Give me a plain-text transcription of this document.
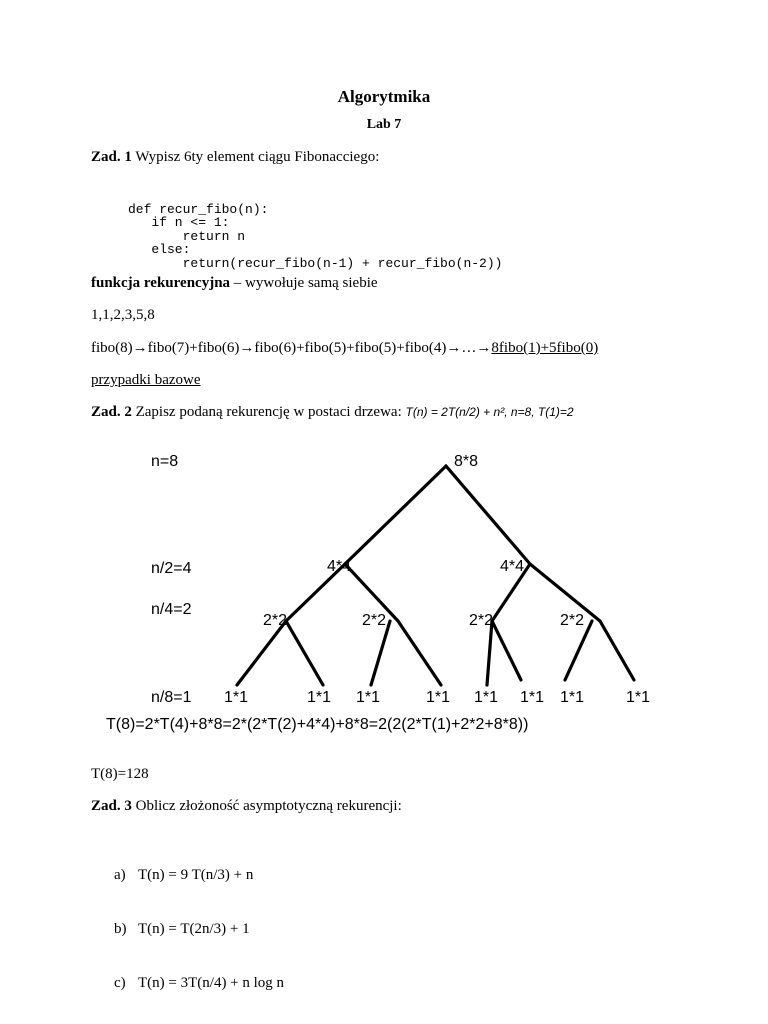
Algorytmika
Lab 7
Zad. 1 Wypisz 6ty element ciągu Fibonacciego:

def recur_fibo(n):
if n <= 1:
return n
else:
return(recur_fibo(n-1) + recur_fibo(n-2))

funkcja rekurencyjna – wywołuje samą siebie
1,1,2,3,5,8
fibo(8)→fibo(7)+fibo(6)→fibo(6)+fibo(5)+fibo(5)+fibo(4)→…→8fibo(1)+5fibo(0)
przypadki bazowe
Zad. 2 Zapisz podaną rekurencję w postaci drzewa: T(n) = 2T(n/2) + n², n=8, T(1)=2
n=8
n/2=4
n/4=2
n/8=1
8*8
4*4	4*4
2*2	2*2	2*2	2*2
1*1	1*1 1*1	1*1 1*1 1*1 1*1	1*1
T(8)=2*T(4)+8*8=2*(2*T(2)+4*4)+8*8=2(2(2*T(1)+2*2+8*8))
T(8)=128
Zad. 3 Oblicz złożoność asymptotyczną rekurencji:

a) T(n) = 9 T(n/3) + n

b) T(n) = T(2n/3) + 1

c) T(n) = 3T(n/4) + n log n
